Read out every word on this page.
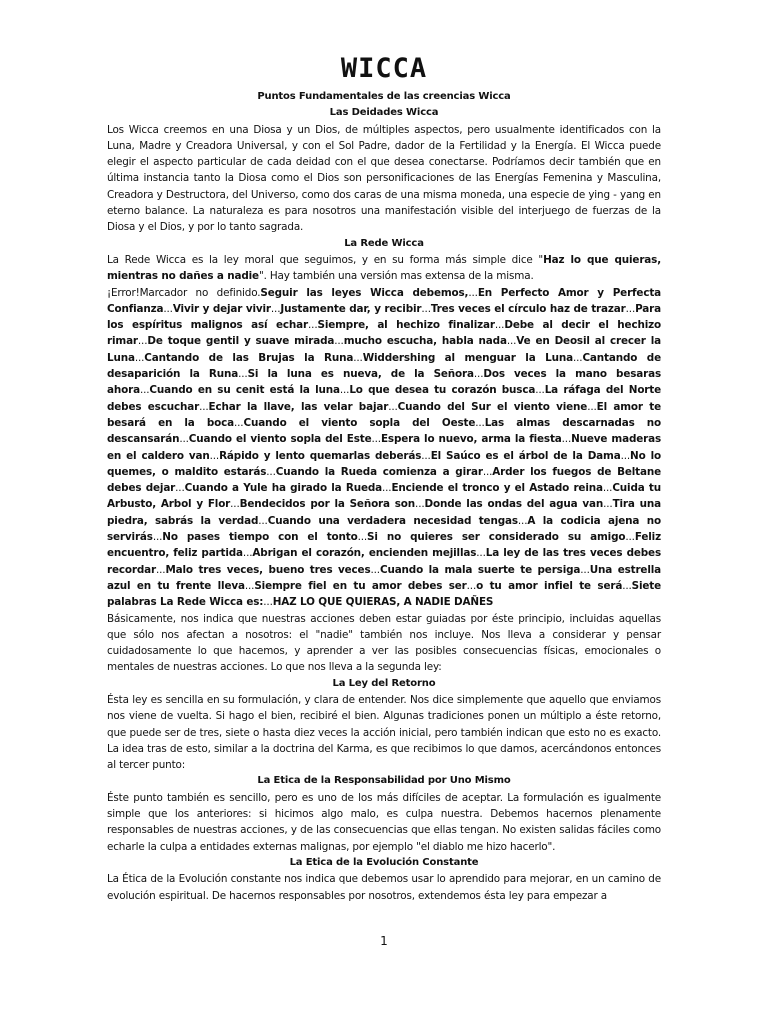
WICCA
Puntos Fundamentales de las creencias Wicca
Las Deidades Wicca

Los Wicca creemos en una Diosa y un Dios, de múltiples aspectos, pero usualmente identificados con la Luna, Madre y Creadora Universal, y con el Sol Padre, dador de la Fertilidad y la Energía. El Wicca puede elegir el aspecto particular de cada deidad con el que desea conectarse. Podríamos decir también que en última instancia tanto la Diosa como el Dios son personificaciones de las Energías Femenina y Masculina, Creadora y Destructora, del Universo, como dos caras de una misma moneda, una especie de ying - yang en eterno balance. La naturaleza es para nosotros una manifestación visible del interjuego de fuerzas de la Diosa y el Dios, y por lo tanto sagrada.

La Rede Wicca

La Rede Wicca es la ley moral que seguimos, y en su forma más simple dice "Haz lo que quieras, mientras no dañes a nadie". Hay también una versión mas extensa de la misma.

¡Error!Marcador no definido.Seguir las leyes Wicca debemos,...En Perfecto Amor y Perfecta Confianza...Vivir y dejar vivir...Justamente dar, y recibir...Tres veces el círculo haz de trazar...Para los espíritus malignos así echar...Siempre, al hechizo finalizar...Debe al decir el hechizo rimar...De toque gentil y suave mirada...mucho escucha, habla nada...Ve en Deosil al crecer la Luna...Cantando de las Brujas la Runa...Widdershing al menguar la Luna...Cantando de desaparición la Runa...Si la luna es nueva, de la Señora...Dos veces la mano besaras ahora...Cuando en su cenit está la luna...Lo que desea tu corazón busca...La ráfaga del Norte debes escuchar...Echar la llave, las velar bajar...Cuando del Sur el viento viene...El amor te besará en la boca...Cuando el viento sopla del Oeste...Las almas descarnadas no descansarán...Cuando el viento sopla del Este...Espera lo nuevo, arma la fiesta...Nueve maderas en el caldero van...Rápido y lento quemarlas deberás...El Saúco es el árbol de la Dama...No lo quemes, o maldito estarás...Cuando la Rueda comienza a girar...Arder los fuegos de Beltane debes dejar...Cuando a Yule ha girado la Rueda...Enciende el tronco y el Astado reina...Cuida tu Arbusto, Arbol y Flor...Bendecidos por la Señora son...Donde las ondas del agua van...Tira una piedra, sabrás la verdad...Cuando una verdadera necesidad tengas...A la codicia ajena no servirás...No pases tiempo con el tonto...Si no quieres ser considerado su amigo...Feliz encuentro, feliz partida...Abrigan el corazón, encienden mejillas...La ley de las tres veces debes recordar...Malo tres veces, bueno tres veces...Cuando la mala suerte te persiga...Una estrella azul en tu frente lleva...Siempre fiel en tu amor debes ser...o tu amor infiel te será...Siete palabras La Rede Wicca es:...HAZ LO QUE QUIERAS, A NADIE DAÑES

Básicamente, nos indica que nuestras acciones deben estar guiadas por éste principio, incluidas aquellas que sólo nos afectan a nosotros: el "nadie" también nos incluye. Nos lleva a considerar y pensar cuidadosamente lo que hacemos, y aprender a ver las posibles consecuencias físicas, emocionales o mentales de nuestras acciones. Lo que nos lleva a la segunda ley:

La Ley del Retorno

Ésta ley es sencilla en su formulación, y clara de entender. Nos dice simplemente que aquello que enviamos nos viene de vuelta. Si hago el bien, recibiré el bien. Algunas tradiciones ponen un múltiplo a éste retorno, que puede ser de tres, siete o hasta diez veces la acción inicial, pero también indican que esto no es exacto. La idea tras de esto, similar a la doctrina del Karma, es que recibimos lo que damos, acercándonos entonces al tercer punto:

La Etica de la Responsabilidad por Uno Mismo

Éste punto también es sencillo, pero es uno de los más difíciles de aceptar. La formulación es igualmente simple que los anteriores: si hicimos algo malo, es culpa nuestra. Debemos hacernos plenamente responsables de nuestras acciones, y de las consecuencias que ellas tengan. No existen salidas fáciles como echarle la culpa a entidades externas malignas, por ejemplo "el diablo me hizo hacerlo".

La Etica de la Evolución Constante

La Ética de la Evolución constante nos indica que debemos usar lo aprendido para mejorar, en un camino de evolución espiritual. De hacernos responsables por nosotros, extendemos ésta ley para empezar a

1
